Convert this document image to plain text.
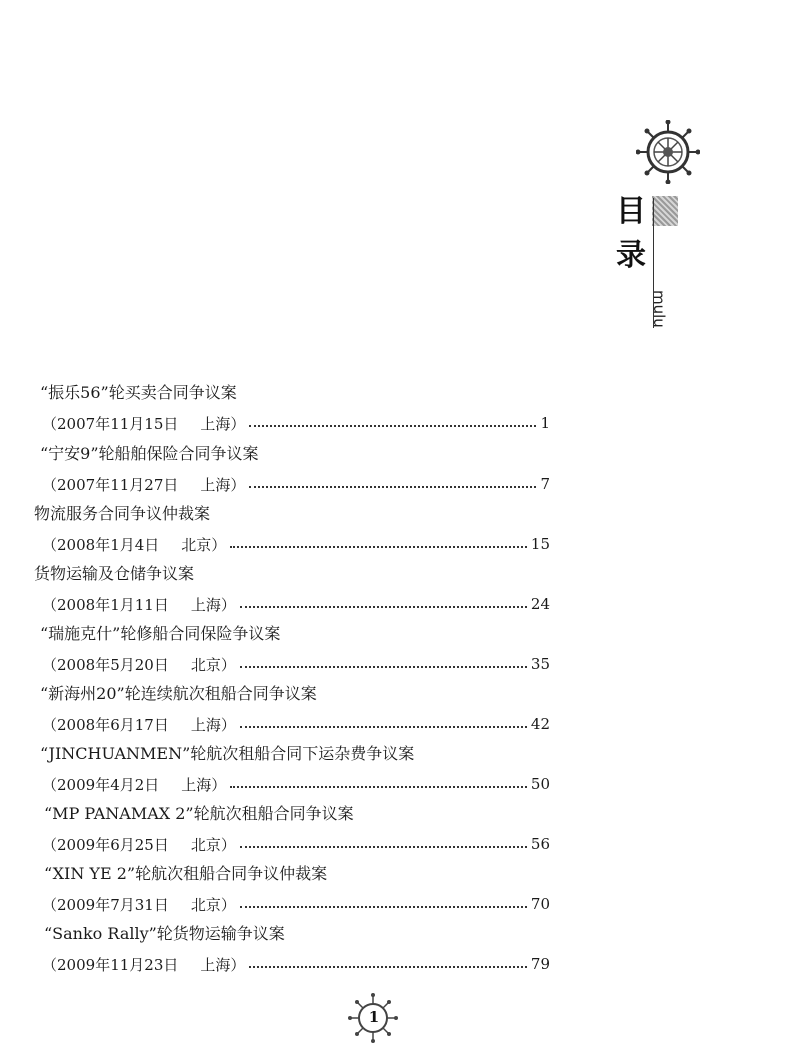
目
录
mulu
“振乐56”轮买卖合同争议案
（ 2007年11月15日 上海 ）	1
“宁安9”轮船舶保险合同争议案
（ 2007年11月27日 上海 ）	7
物流服务合同争议仲裁案
（ 2008年1月4日 北京 ）	15
货物运输及仓储争议案
（ 2008年1月11日 上海 ）	24
“瑞施克什”轮修船合同保险争议案
（ 2008年5月20日 北京 ）	35
“新海州20”轮连续航次租船合同争议案
（ 2008年6月17日 上海 ）	42
“JINCHUANMEN”轮航次租船合同下运杂费争议案
（ 2009年4月2日 上海 ）	50
“MP PANAMAX 2”轮航次租船合同争议案
（ 2009年6月25日 北京 ）	56
“XIN YE 2”轮航次租船合同争议仲裁案
（ 2009年7月31日 北京 ）	70
“Sanko Rally”轮货物运输争议案
（ 2009年11月23日 上海 ）	79
1
